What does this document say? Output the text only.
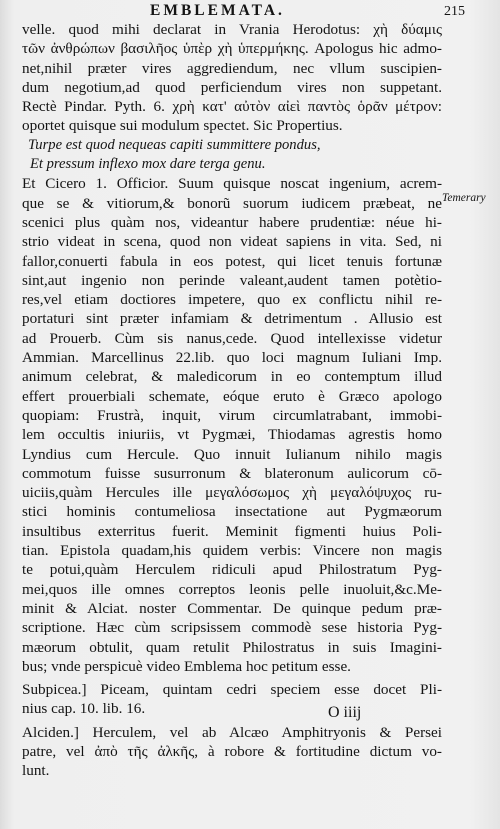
EMBLEMATA.	215
Temerary
velle. quod mihi declarat in Vrania Herodotus: χὴ δύαμις
τῶν ἀνθρώπων βασιλῆος ὑπὲρ χὴ ὑπερμήκης. Apologus hic admo-
net,nihil præter vires aggrediendum, nec vllum suscipien-
dum negotium,ad quod perficiendum vires non suppetant.
Rectè Pindar. Pyth. 6. χρὴ κατ' αὐτὸν αἰεὶ παντὸς ὁρᾶν μέτρον:
oportet quisque sui modulum spectet. Sic Propertius.
Turpe est quod nequeas capiti summittere pondus,
Et pressum inflexo mox dare terga genu.
Et Cicero 1. Officior. Suum quisque noscat ingenium, acrem-
que se & vitiorum,& bonorũ suorum iudicem præbeat, ne
scenici plus quàm nos, videantur habere prudentiæ: néue hi-
strio videat in scena, quod non videat sapiens in vita. Sed, ni
fallor,conuerti fabula in eos potest, qui licet tenuis fortunæ
sint,aut ingenio non perinde valeant,audent tamen potètio-
res,vel etiam doctiores impetere, quo ex conflictu nihil re-
portaturi sint præter infamiam & detrimentum . Allusio est
ad Prouerb. Cùm sis nanus,cede. Quod intellexisse videtur
Ammian. Marcellinus 22.lib. quo loci magnum Iuliani Imp.
animum celebrat, & maledicorum in eo contemptum illud
effert prouerbiali schemate, eóque eruto è Græco apologo
quopiam: Frustrà, inquit, virum circumlatrabant, immobi-
lem occultis iniuriis, vt Pygmæi, Thiodamas agrestis homo
Lyndius cum Hercule. Quo innuit Iulianum nihilo magis
commotum fuisse susurronum & blateronum aulicorum cō-
uiciis,quàm Hercules ille μεγαλόσωμος χὴ μεγαλόψυχος ru-
stici hominis contumeliosa insectatione aut Pygmæorum
insultibus exterritus fuerit. Meminit figmenti huius Poli-
tian. Epistola quadam,his quidem verbis: Vincere non magis
te potui,quàm Herculem ridiculi apud Philostratum Pyg-
mei,quos ille omnes correptos leonis pelle inuoluit,&c.Me-
minit & Alciat. noster Commentar. De quinque pedum præ-
scriptione. Hæc cùm scripsissem commodè sese historia Pyg-
mæorum obtulit, quam retulit Philostratus in suis Imagini-
bus; vnde perspicuè video Emblema hoc petitum esse.
Subpicea.] Piceam, quintam cedri speciem esse docet Pli-
nius cap. 10. lib. 16.
Alciden.] Herculem, vel ab Alcæo Amphitryonis & Persei
patre, vel ἀπὸ τῆς ἀλκῆς, à robore & fortitudine dictum vo-
lunt.
O iiij
